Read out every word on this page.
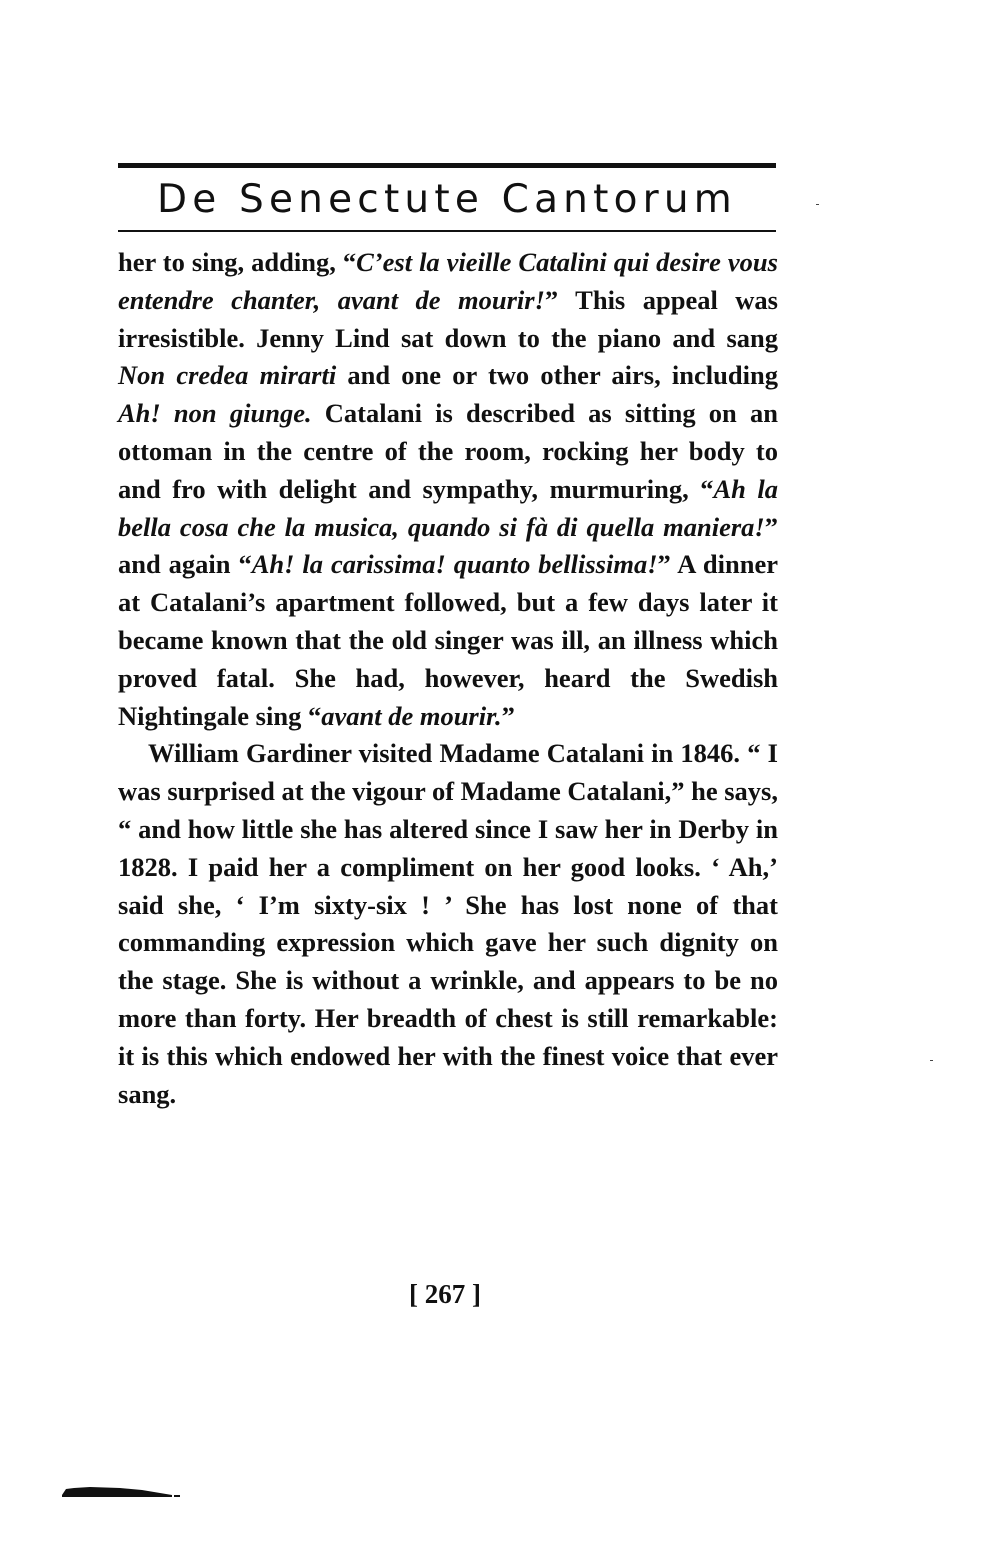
De Senectute Cantorum

her to sing, adding, “C’est la vieille Catalini qui desire vous entendre chanter, avant de mourir!” This appeal was irresistible. Jenny Lind sat down to the piano and sang Non credea mirarti and one or two other airs, including Ah! non giunge. Catalani is described as sitting on an ottoman in the centre of the room, rocking her body to and fro with delight and sympathy, murmuring, “Ah la bella cosa che la musica, quando si fà di quella maniera!” and again “Ah! la carissima! quanto bellissima!” A dinner at Catalani’s apartment followed, but a few days later it became known that the old singer was ill, an illness which proved fatal. She had, however, heard the Swedish Nightingale sing “avant de mourir.”

William Gardiner visited Madame Catalani in 1846. “ I was surprised at the vigour of Madame Catalani,” he says, “ and how little she has altered since I saw her in Derby in 1828. I paid her a compliment on her good looks. ‘ Ah,’ said she, ‘ I’m sixty-six ! ’ She has lost none of that commanding expression which gave her such dignity on the stage. She is without a wrinkle, and appears to be no more than forty. Her breadth of chest is still remarkable: it is this which endowed her with the finest voice that ever sang.

[ 267 ]
